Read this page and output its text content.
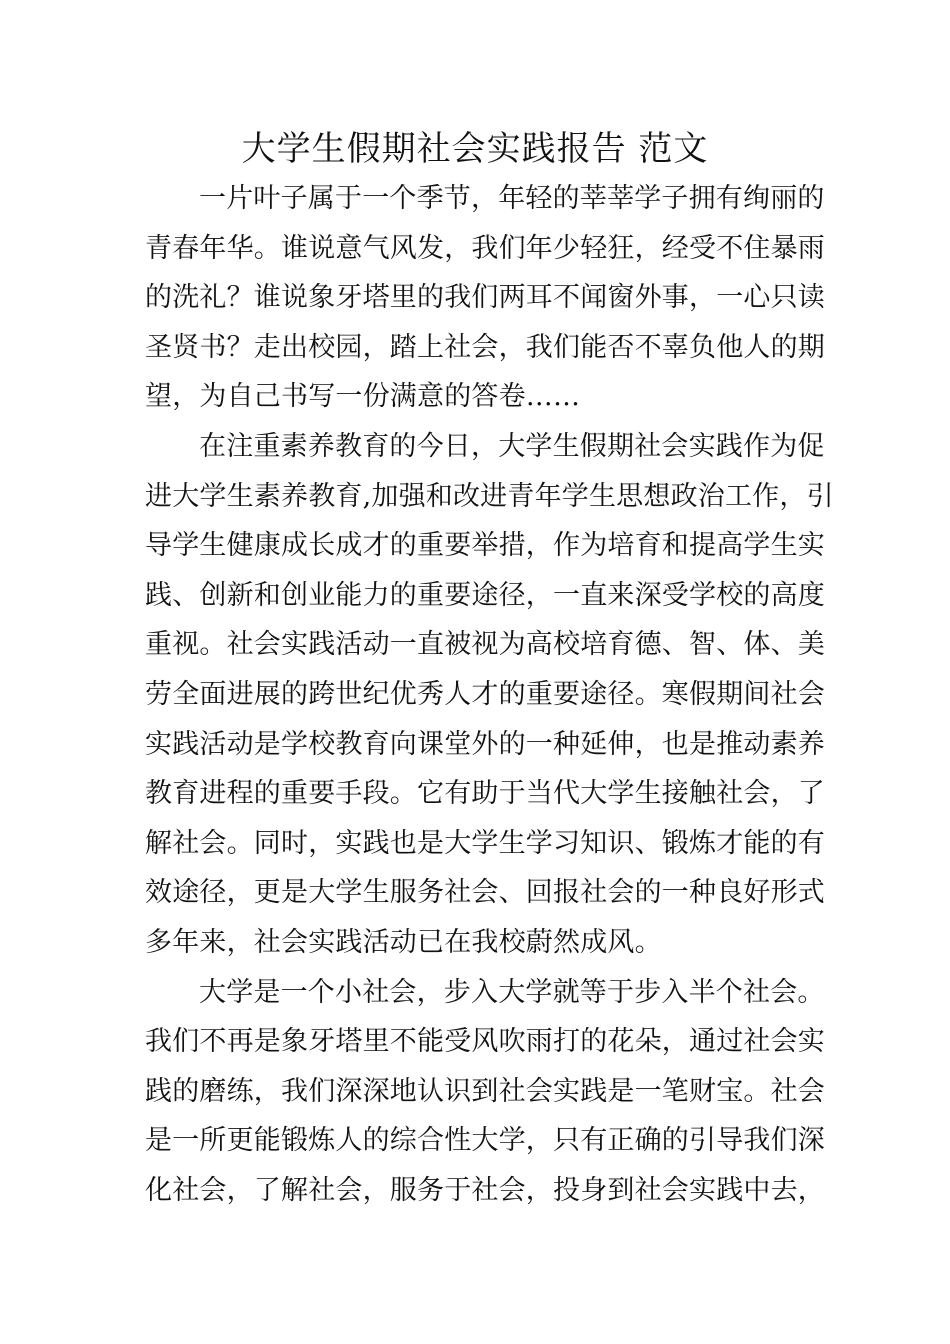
大学生假期社会实践报告 范文

一片叶子属于一个季节，年轻的莘莘学子拥有绚丽的
青春年华。谁说意气风发，我们年少轻狂，经受不住暴雨
的洗礼？谁说象牙塔里的我们两耳不闻窗外事，一心只读
圣贤书？走出校园，踏上社会，我们能否不辜负他人的期
望，为自己书写一份满意的答卷……

在注重素养教育的今日，大学生假期社会实践作为促
进大学生素养教育,加强和改进青年学生思想政治工作，引
导学生健康成长成才的重要举措，作为培育和提高学生实
践、创新和创业能力的重要途径，一直来深受学校的高度
重视。社会实践活动一直被视为高校培育德、智、体、美
劳全面进展的跨世纪优秀人才的重要途径。寒假期间社会
实践活动是学校教育向课堂外的一种延伸，也是推动素养
教育进程的重要手段。它有助于当代大学生接触社会，了
解社会。同时，实践也是大学生学习知识、锻炼才能的有
效途径，更是大学生服务社会、回报社会的一种良好形式
多年来，社会实践活动已在我校蔚然成风。

大学是一个小社会，步入大学就等于步入半个社会。
我们不再是象牙塔里不能受风吹雨打的花朵，通过社会实
践的磨练，我们深深地认识到社会实践是一笔财宝。社会
是一所更能锻炼人的综合性大学，只有正确的引导我们深
化社会，了解社会，服务于社会，投身到社会实践中去，
